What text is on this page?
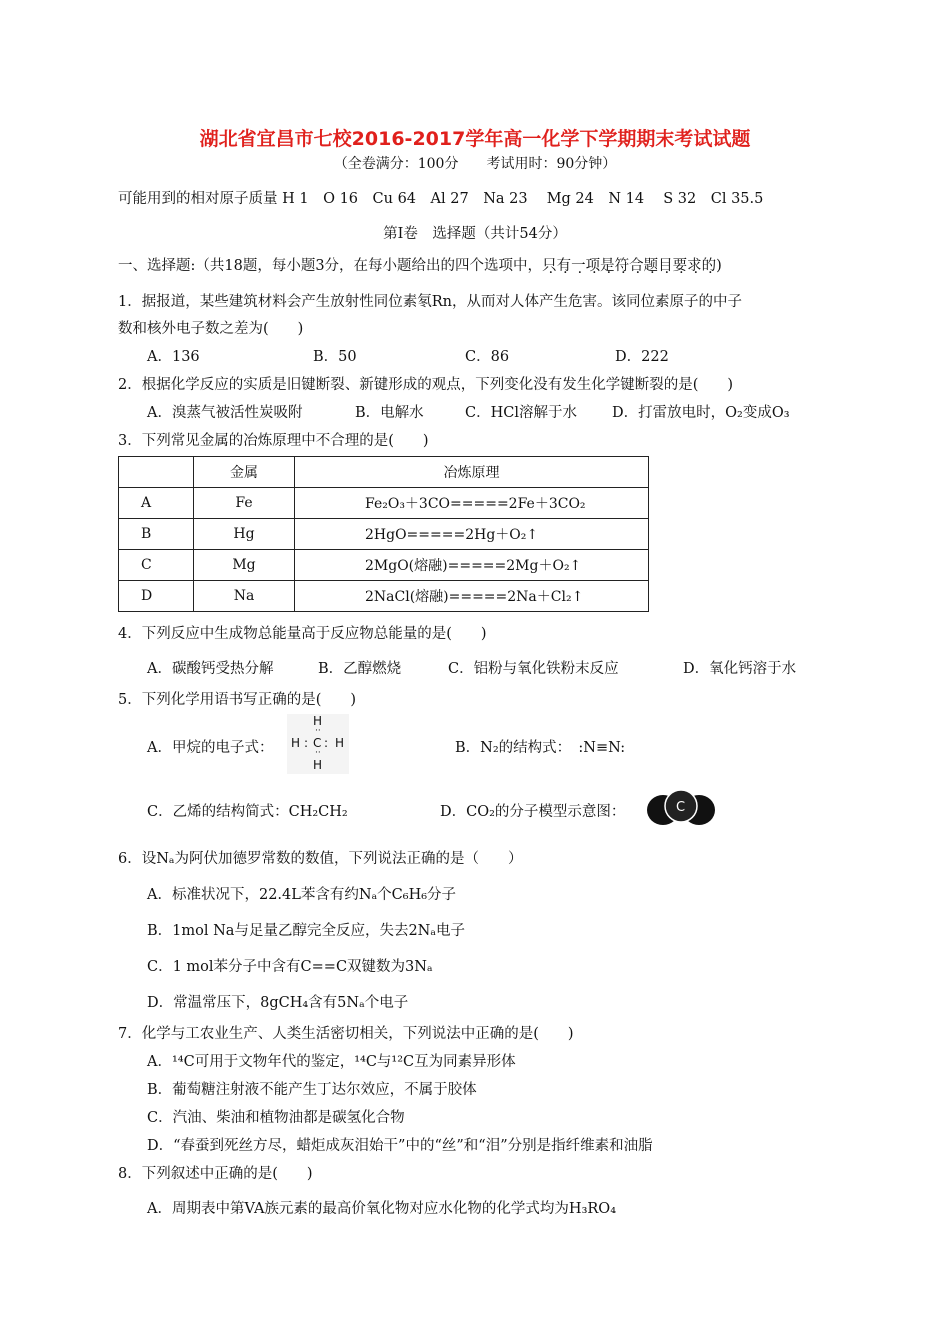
湖北省宜昌市七校2016-2017学年高一化学下学期期末考试试题
（全卷满分：100分　　考试用时：90分钟）
可能用到的相对原子质量 H 1　O 16　Cu 64　Al 27　Na 23　 Mg 24　N 14　 S 32　Cl 35.5
第Ⅰ卷　选择题（共计54分）
一、选择题:（共18题，每小题3分，在每小题给出的四个选项中，只有一项是符合题目要求的)
1．据报道，某些建筑材料会产生放射性同位素氡Rn，从而对人体产生危害。该同位素原子的中子
数和核外电子数之差为(　　)
A．136	B．50	C．86	D．222
2．根据化学反应的实质是旧键断裂、新键形成的观点，下列变化没有发生化学键断裂的是(　　)
A．溴蒸气被活性炭吸附	B．电解水	C．HCl溶解于水 D．打雷放电时，O₂变成O₃
3．下列常见金属的冶炼原理中不合理的是(　　)
	金属	冶炼原理
A	Fe	Fe₂O₃＋3CO=====2Fe＋3CO₂
B	Hg	2HgO=====2Hg＋O₂↑
C	Mg	2MgO(熔融)=====2Mg＋O₂↑
D	Na	2NaCl(熔融)=====2Na＋Cl₂↑
4．下列反应中生成物总能量高于反应物总能量的是(　　)
A．碳酸钙受热分解	B．乙醇燃烧	C．铝粉与氧化铁粉末反应	D．氧化钙溶于水
5．下列化学用语书写正确的是(　　)
A．甲烷的电子式：
H
H : C : H
··
··
H
B．N₂的结构式：　:N≡N:
C．乙烯的结构简式：CH₂CH₂	D．CO₂的分子模型示意图：	C
6．设Nₐ为阿伏加德罗常数的数值，下列说法正确的是（　　）
A．标准状况下，22.4L苯含有约Nₐ个C₆H₆分子
B．1mol Na与足量乙醇完全反应，失去2Nₐ电子
C．1 mol苯分子中含有C==C双键数为3Nₐ
D．常温常压下，8gCH₄含有5Nₐ个电子
7．化学与工农业生产、人类生活密切相关，下列说法中正确的是(　　)
A．¹⁴C可用于文物年代的鉴定，¹⁴C与¹²C互为同素异形体
B．葡萄糖注射液不能产生丁达尔效应，不属于胶体
C．汽油、柴油和植物油都是碳氢化合物
D．“春蚕到死丝方尽，蜡炬成灰泪始干”中的“丝”和“泪”分别是指纤维素和油脂
8．下列叙述中正确的是(　　)
A．周期表中第VA族元素的最高价氧化物对应水化物的化学式均为H₃RO₄
